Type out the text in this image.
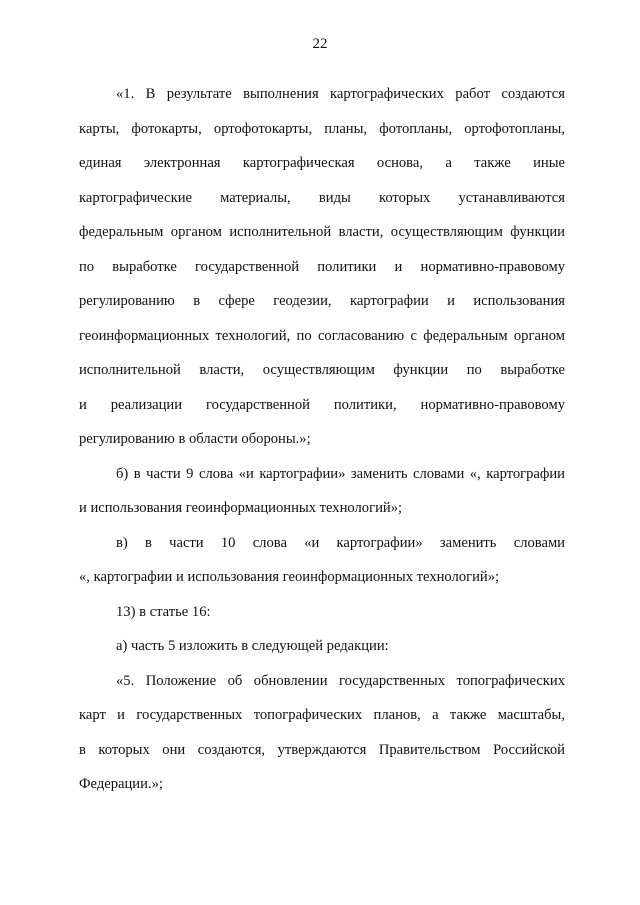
22
«1. В результате выполнения картографических работ создаются
карты, фотокарты, ортофотокарты, планы, фотопланы, ортофотопланы,
единая электронная картографическая основа, а также иные
картографические материалы, виды которых устанавливаются
федеральным органом исполнительной власти, осуществляющим функции
по выработке государственной политики и нормативно-правовому
регулированию в сфере геодезии, картографии и использования
геоинформационных технологий, по согласованию с федеральным органом
исполнительной власти, осуществляющим функции по выработке
и реализации государственной политики, нормативно-правовому
регулированию в области обороны.»;
б) в части 9 слова «и картографии» заменить словами «, картографии
и использования геоинформационных технологий»;
в) в части 10 слова «и картографии» заменить словами
«, картографии и использования геоинформационных технологий»;
13) в статье 16:
а) часть 5 изложить в следующей редакции:
«5. Положение об обновлении государственных топографических
карт и государственных топографических планов, а также масштабы,
в которых они создаются, утверждаются Правительством Российской
Федерации.»;
